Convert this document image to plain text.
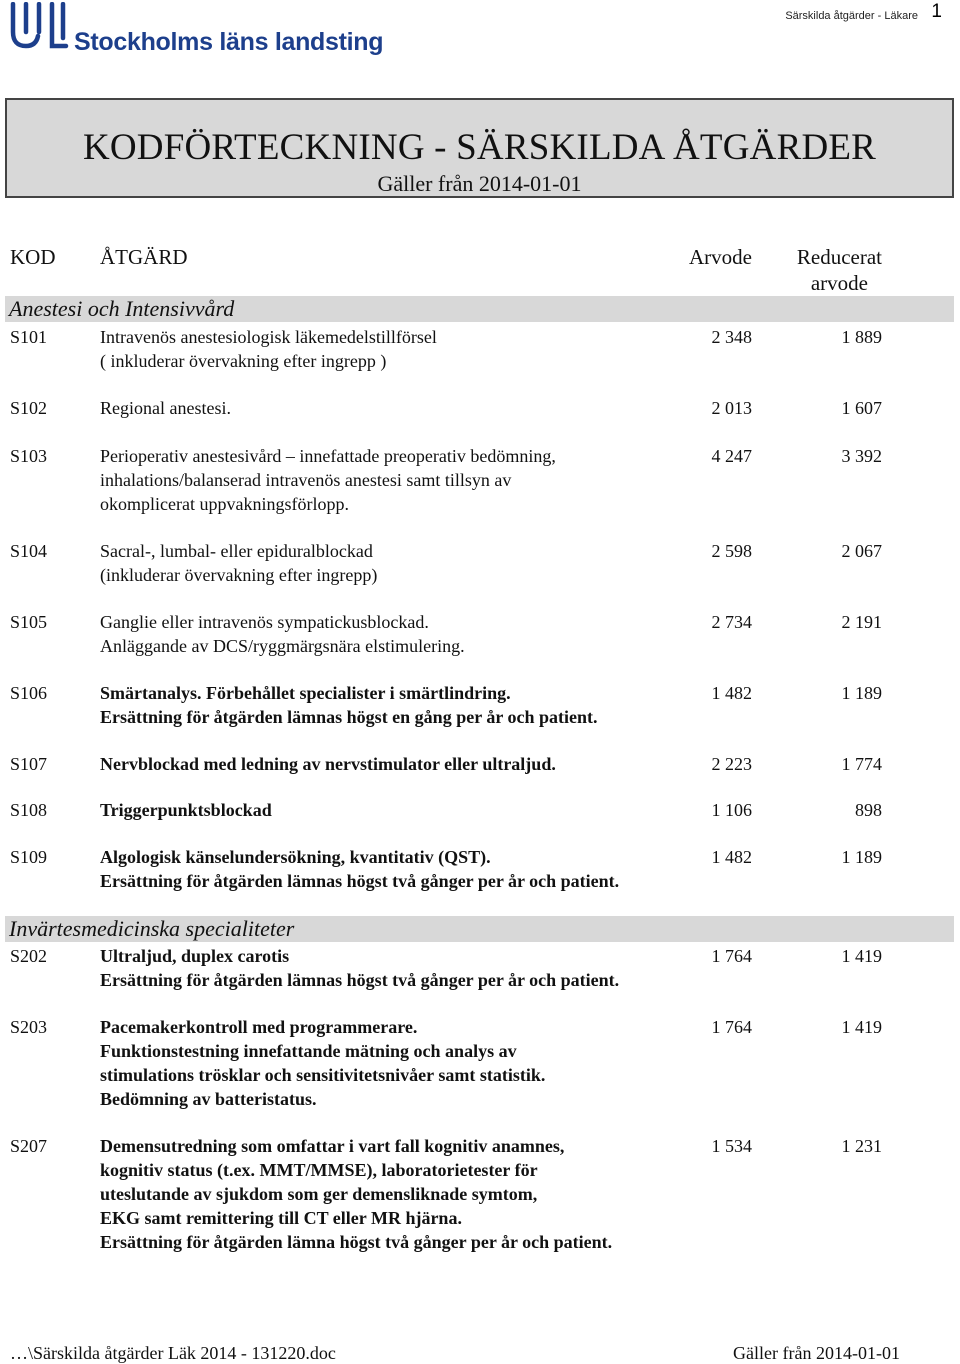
Stockholms läns landsting
Särskilda åtgärder - Läkare 1
KODFÖRTECKNING - SÄRSKILDA ÅTGÄRDER
Gäller från 2014-01-01
KOD ÅTGÄRD	Arvode Reducerat
arvode
Anestesi och Intensivvård
S101	Intravenös anestesiologisk läkemedelstillförsel
( inkluderar övervakning efter ingrepp )
2 348	1 889
S102	Regional anestesi.	2 013	1 607
S103	Perioperativ anestesivård – innefattade preoperativ bedömning,
inhalations/balanserad intravenös anestesi samt tillsyn av
okomplicerat uppvakningsförlopp.
4 247	3 392
S104	Sacral-, lumbal- eller epiduralblockad
(inkluderar övervakning efter ingrepp)
2 598	2 067
S105	Ganglie eller intravenös sympatickusblockad.
Anläggande av DCS/ryggmärgsnära elstimulering.
2 734	2 191
S106	Smärtanalys. Förbehållet specialister i smärtlindring.
Ersättning för åtgärden lämnas högst en gång per år och patient.
1 482	1 189
S107	Nervblockad med ledning av nervstimulator eller ultraljud.	2 223	1 774
S108	Triggerpunktsblockad	1 106	898
S109	Algologisk känselundersökning, kvantitativ (QST).
Ersättning för åtgärden lämnas högst två gånger per år och patient.
1 482	1 189
Invärtesmedicinska specialiteter
S202	Ultraljud, duplex carotis
Ersättning för åtgärden lämnas högst två gånger per år och patient.
1 764	1 419
S203	Pacemakerkontroll med programmerare.
Funktionstestning innefattande mätning och analys av
stimulations trösklar och sensitivitetsnivåer samt statistik.
Bedömning av batteristatus.
1 764	1 419
S207	Demensutredning som omfattar i vart fall kognitiv anamnes,
kognitiv status (t.ex. MMT/MMSE), laboratorietester för
uteslutande av sjukdom som ger demensliknade symtom,
EKG samt remittering till CT eller MR hjärna.
Ersättning för åtgärden lämna högst två gånger per år och patient.
1 534	1 231
…\Särskilda åtgärder Läk 2014 - 131220.doc	Gäller från 2014-01-01
